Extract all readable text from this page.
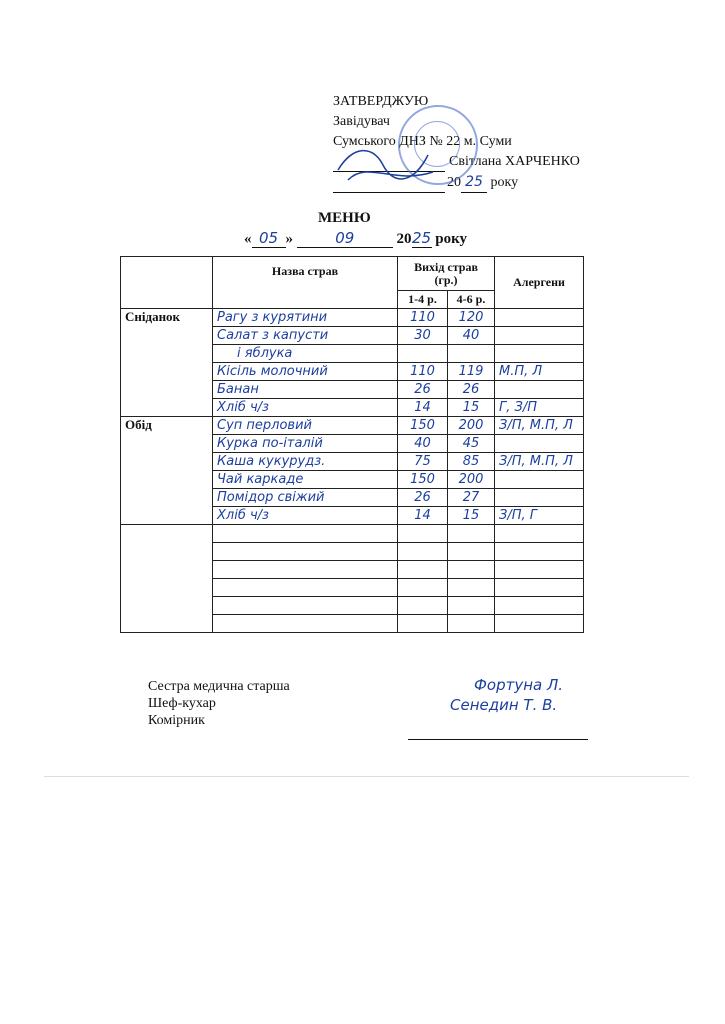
ЗАТВЕРДЖУЮ
Завідувач
Сумського ДНЗ № 22 м. Суми
Світлана ХАРЧЕНКО
20 25 року
МЕНЮ
« 05 »	09	2025 року
	Назва страв	Вихід страв (гр.)		Алергени
		1-4 р.	4-6 р.	
Сніданок	Рагу з курятини	110	120	
	Салат з капусти	30	40	
	і яблука			
	Кісіль молочний	110	119	М.П, Л
	Банан	26	26	
	Хліб ч/з	14	15	Г, З/П
Обід	Суп перловий	150	200	З/П, М.П, Л
	Курка по-італій	40	45	
	Каша кукурудз.	75	85	З/П, М.П, Л
	Чай каркаде	150	200	
	Помідор свіжий	26	27	
	Хліб ч/з	14	15	З/П, Г

Сестра медична старша
Шеф-кухар
Комірник
Фортуна Л.
Сенедин Т. В.
